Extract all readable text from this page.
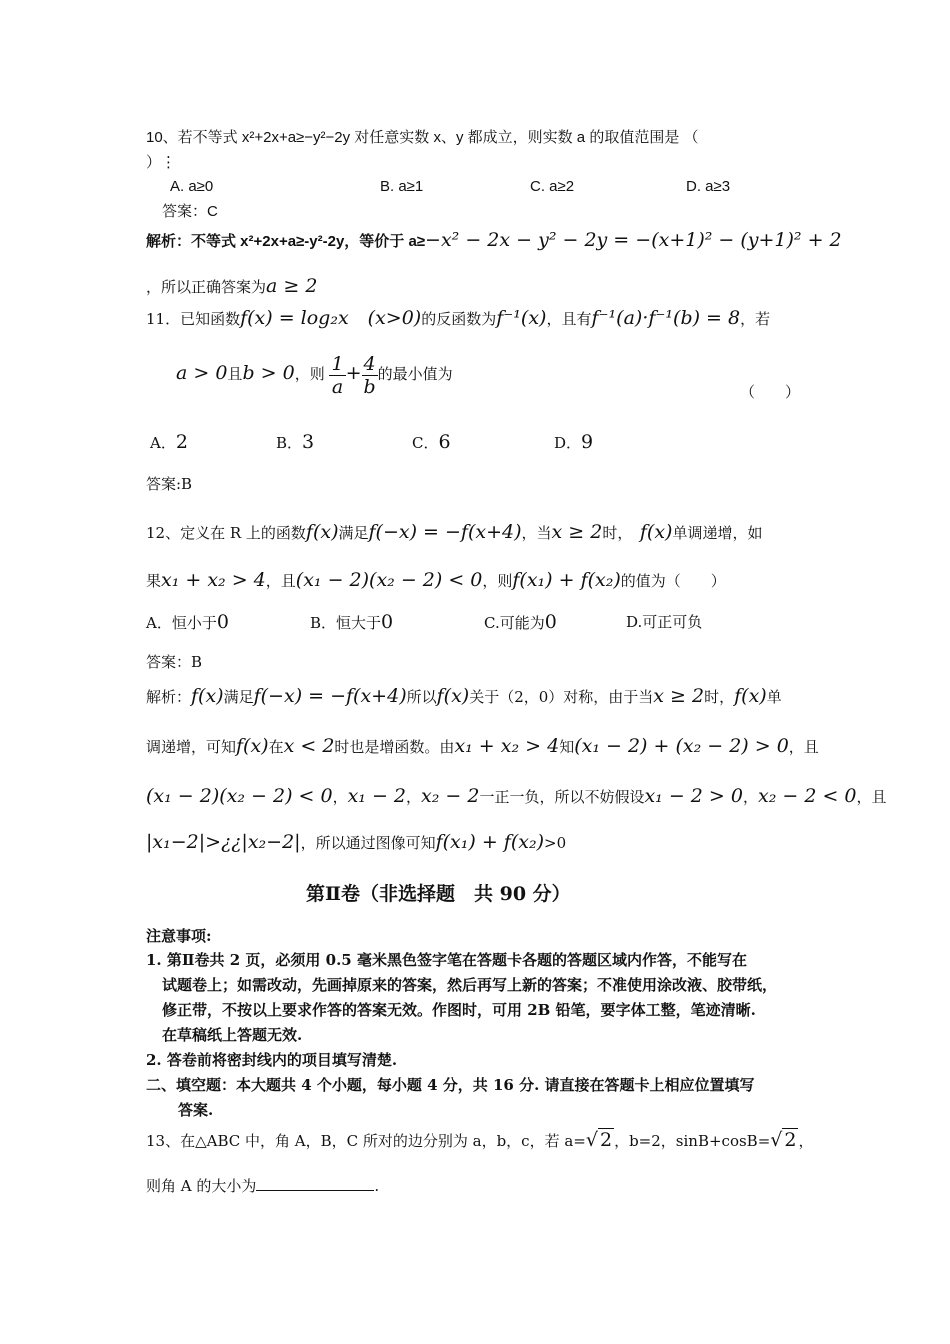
10、若不等式 x²+2x+a≥−y²−2y 对任意实数 x、y 都成立，则实数 a 的取值范围是 （
）⋮
A. a≥0	B. a≥1	C. a≥2	D. a≥3
答案：C
解析：不等式 x²+2x+a≥-y²-2y，等价于 a≥−x² − 2x − y² − 2y = −(x+1)² − (y+1)² + 2
，所以正确答案为a ≥ 2
11．已知函数f(x) = log₂x　(x>0)的反函数为f⁻¹(x)，且有f⁻¹(a)·f⁻¹(b) = 8，若
a > 0且b > 0，则 $\frac{1}{a} + \frac{4}{b}$ 的最小值为
（　　）
A．2	B．3	C．6	D．9
答案:B
12、定义在 R 上的函数f(x)满足f(−x) = −f(x+4)，当x ≥ 2时，　 f(x)单调递增，如
果x₁ + x₂ > 4，且(x₁ − 2)(x₂ − 2) < 0，则f(x₁) + f(x₂)的值为（　　）
A．恒小于0	B．恒大于0	C.可能为0	D.可正可负
答案：B
解析：f(x)满足f(−x) = −f(x+4)所以f(x)关于（2，0）对称，由于当x ≥ 2时，f(x)单
调递增，可知f(x)在x < 2时也是增函数。由x₁ + x₂ > 4知(x₁ − 2) + (x₂ − 2) > 0，且
(x₁ − 2)(x₂ − 2) < 0，x₁ − 2，x₂ − 2一正一负，所以不妨假设x₁ − 2 > 0，x₂ − 2 < 0，且
|x₁−2|>¿¿|x₂−2|，所以通过图像可知f(x₁) + f(x₂)>0
第Ⅱ卷（非选择题　共 90 分）
注意事项:
1. 第Ⅱ卷共 2 页，必须用 0.5 毫米黑色签字笔在答题卡各题的答题区域内作答，不能写在
试题卷上；如需改动，先画掉原来的答案，然后再写上新的答案；不准使用涂改液、胶带纸，
修正带，不按以上要求作答的答案无效。作图时，可用 2B 铅笔，要字体工整，笔迹清晰.
在草稿纸上答题无效.
2. 答卷前将密封线内的项目填写清楚.
二、填空题：本大题共 4 个小题，每小题 4 分，共 16 分. 请直接在答题卡上相应位置填写
答案.
13、在△ABC 中，角 A，B，C 所对的边分别为 a，b，c，若 a=√ 2 ，b=2，sinB+cosB=√ 2 ，
则角 A 的大小为	.
